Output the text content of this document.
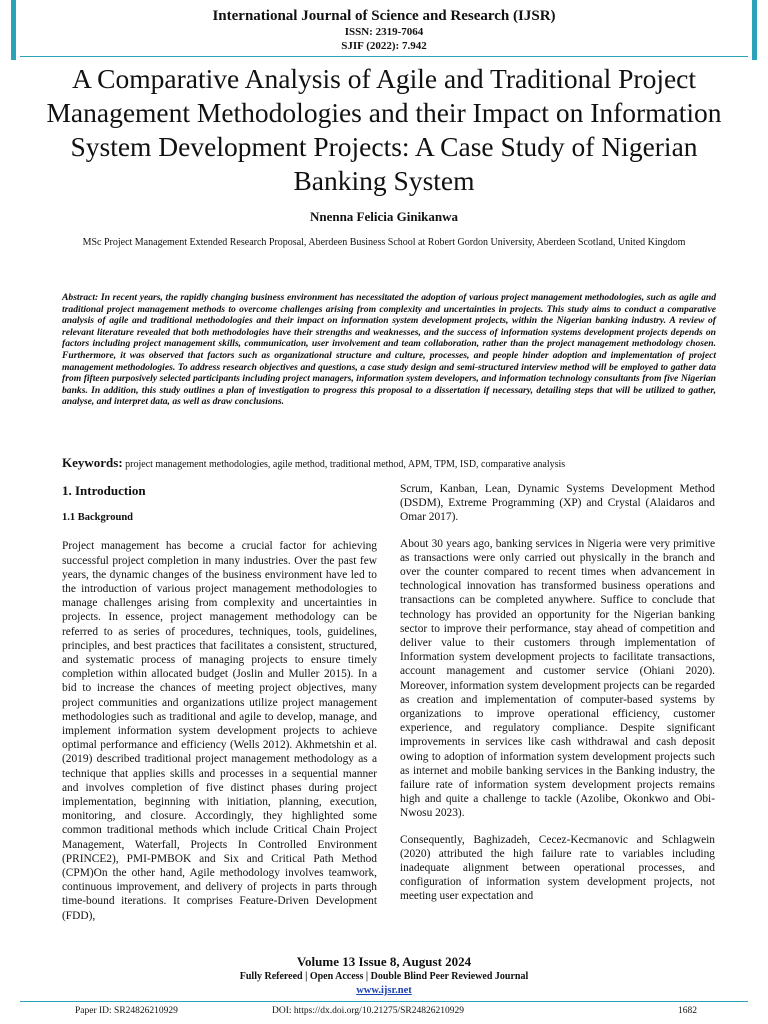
International Journal of Science and Research (IJSR)
ISSN: 2319-7064
SJIF (2022): 7.942
A Comparative Analysis of Agile and Traditional Project Management Methodologies and their Impact on Information System Development Projects: A Case Study of Nigerian Banking System
Nnenna Felicia Ginikanwa
MSc Project Management Extended Research Proposal, Aberdeen Business School at Robert Gordon University, Aberdeen Scotland, United Kingdom

Abstract: In recent years, the rapidly changing business environment has necessitated the adoption of various project management methodologies, such as agile and traditional project management methods to overcome challenges arising from complexity and uncertainties in projects. This study aims to conduct a comparative analysis of agile and traditional methodologies and their impact on information system development projects, within the Nigerian banking industry. A review of relevant literature revealed that both methodologies have their strengths and weaknesses, and the success of information systems development projects depends on factors including project management skills, communication, user involvement and team collaboration, rather than the project management methodology chosen. Furthermore, it was observed that factors such as organizational structure and culture, processes, and people hinder adoption and implementation of project management methodologies. To address research objectives and questions, a case study design and semi-structured interview method will be employed to gather data from fifteen purposively selected participants including project managers, information system developers, and information technology consultants from five Nigerian banks. In addition, this study outlines a plan of investigation to progress this proposal to a dissertation if necessary, detailing steps that will be utilized to gather, analyse, and interpret data, as well as draw conclusions.

Keywords: project management methodologies, agile method, traditional method, APM, TPM, ISD, comparative analysis
1. Introduction
1.1 Background

Project management has become a crucial factor for achieving successful project completion in many industries. Over the past few years, the dynamic changes of the business environment have led to the introduction of various project management methodologies to manage challenges arising from complexity and uncertainties in projects. In essence, project management methodology can be referred to as series of procedures, techniques, tools, guidelines, principles, and best practices that facilitates a consistent, structured, and systematic process of managing projects to ensure timely completion within allocated budget (Joslin and Muller 2015). In a bid to increase the chances of meeting project objectives, many project communities and organizations utilize project management methodologies such as traditional and agile to develop, manage, and implement information system development projects to achieve optimal performance and efficiency (Wells 2012). Akhmetshin et al. (2019) described traditional project management methodology as a technique that applies skills and processes in a sequential manner and involves completion of five distinct phases during project implementation, beginning with initiation, planning, execution, monitoring, and closure. Accordingly, they highlighted some common traditional methods which include Critical Chain Project Management, Waterfall, Projects In Controlled Environment (PRINCE2), PMI-PMBOK and Six and Critical Path Method (CPM)On the other hand, Agile methodology involves teamwork, continuous improvement, and delivery of projects in parts through time-bound iterations. It comprises Feature-Driven Development (FDD),

Scrum, Kanban, Lean, Dynamic Systems Development Method (DSDM), Extreme Programming (XP) and Crystal (Alaidaros and Omar 2017).

About 30 years ago, banking services in Nigeria were very primitive as transactions were only carried out physically in the branch and over the counter compared to recent times when advancement in technological innovation has transformed business operations and transactions can be completed anywhere. Suffice to conclude that technology has provided an opportunity for the Nigerian banking sector to improve their performance, stay ahead of competition and deliver value to their customers through implementation of Information system development projects to facilitate transactions, account management and customer service (Ohiani 2020). Moreover, information system development projects can be regarded as creation and implementation of computer-based systems by organizations to improve operational efficiency, customer experience, and regulatory compliance. Despite significant improvements in services like cash withdrawal and cash deposit owing to adoption of information system development projects such as internet and mobile banking services in the Banking industry, the failure rate of information system development projects remains high and quite a challenge to tackle (Azolibe, Okonkwo and Obi-Nwosu 2023).

Consequently, Baghizadeh, Cecez-Kecmanovic and Schlagwein (2020) attributed the high failure rate to variables including inadequate alignment between operational processes, and configuration of information system development projects, not meeting user expectation and

Volume 13 Issue 8, August 2024
Fully Refereed | Open Access | Double Blind Peer Reviewed Journal
www.ijsr.net
Paper ID: SR24826210929	DOI: https://dx.doi.org/10.21275/SR24826210929	1682
